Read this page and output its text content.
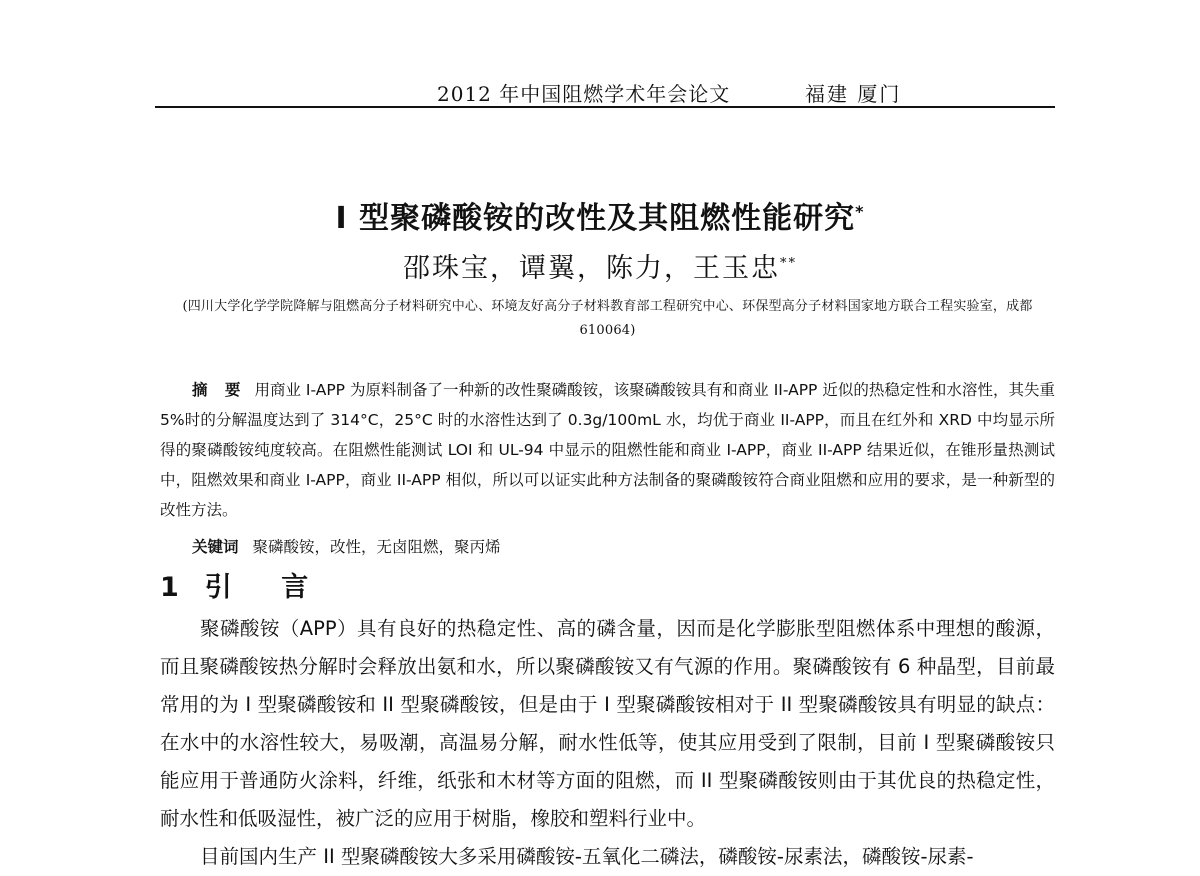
2012 年中国阻燃学术年会论文	福建 厦门
I 型聚磷酸铵的改性及其阻燃性能研究*
邵珠宝，谭翼，陈力，王玉忠**
(四川大学化学学院降解与阻燃高分子材料研究中心、环境友好高分子材料教育部工程研究中心、环保型高分子材料国家地方联合工程实验室，成都 610064)
摘 要 用商业 I-APP 为原料制备了一种新的改性聚磷酸铵，该聚磷酸铵具有和商业 II-APP 近似的热稳定性和水溶性，其失重 5%时的分解温度达到了 314°C，25°C 时的水溶性达到了 0.3g/100mL 水，均优于商业 II-APP，而且在红外和 XRD 中均显示所得的聚磷酸铵纯度较高。在阻燃性能测试 LOI 和 UL-94 中显示的阻燃性能和商业 I-APP，商业 II-APP 结果近似，在锥形量热测试中，阻燃效果和商业 I-APP，商业 II-APP 相似，所以可以证实此种方法制备的聚磷酸铵符合商业阻燃和应用的要求，是一种新型的改性方法。
关键词 聚磷酸铵，改性，无卤阻燃，聚丙烯
1 引 言

聚磷酸铵（APP）具有良好的热稳定性、高的磷含量，因而是化学膨胀型阻燃体系中理想的酸源，而且聚磷酸铵热分解时会释放出氨和水，所以聚磷酸铵又有气源的作用。聚磷酸铵有 6 种晶型，目前最常用的为 I 型聚磷酸铵和 II 型聚磷酸铵，但是由于 I 型聚磷酸铵相对于 II 型聚磷酸铵具有明显的缺点：在水中的水溶性较大，易吸潮，高温易分解，耐水性低等，使其应用受到了限制，目前 I 型聚磷酸铵只能应用于普通防火涂料，纤维，纸张和木材等方面的阻燃，而 II 型聚磷酸铵则由于其优良的热稳定性，耐水性和低吸湿性，被广泛的应用于树脂，橡胶和塑料行业中。

目前国内生产 II 型聚磷酸铵大多采用磷酸铵-五氧化二磷法，磷酸铵-尿素法，磷酸铵-尿素-
